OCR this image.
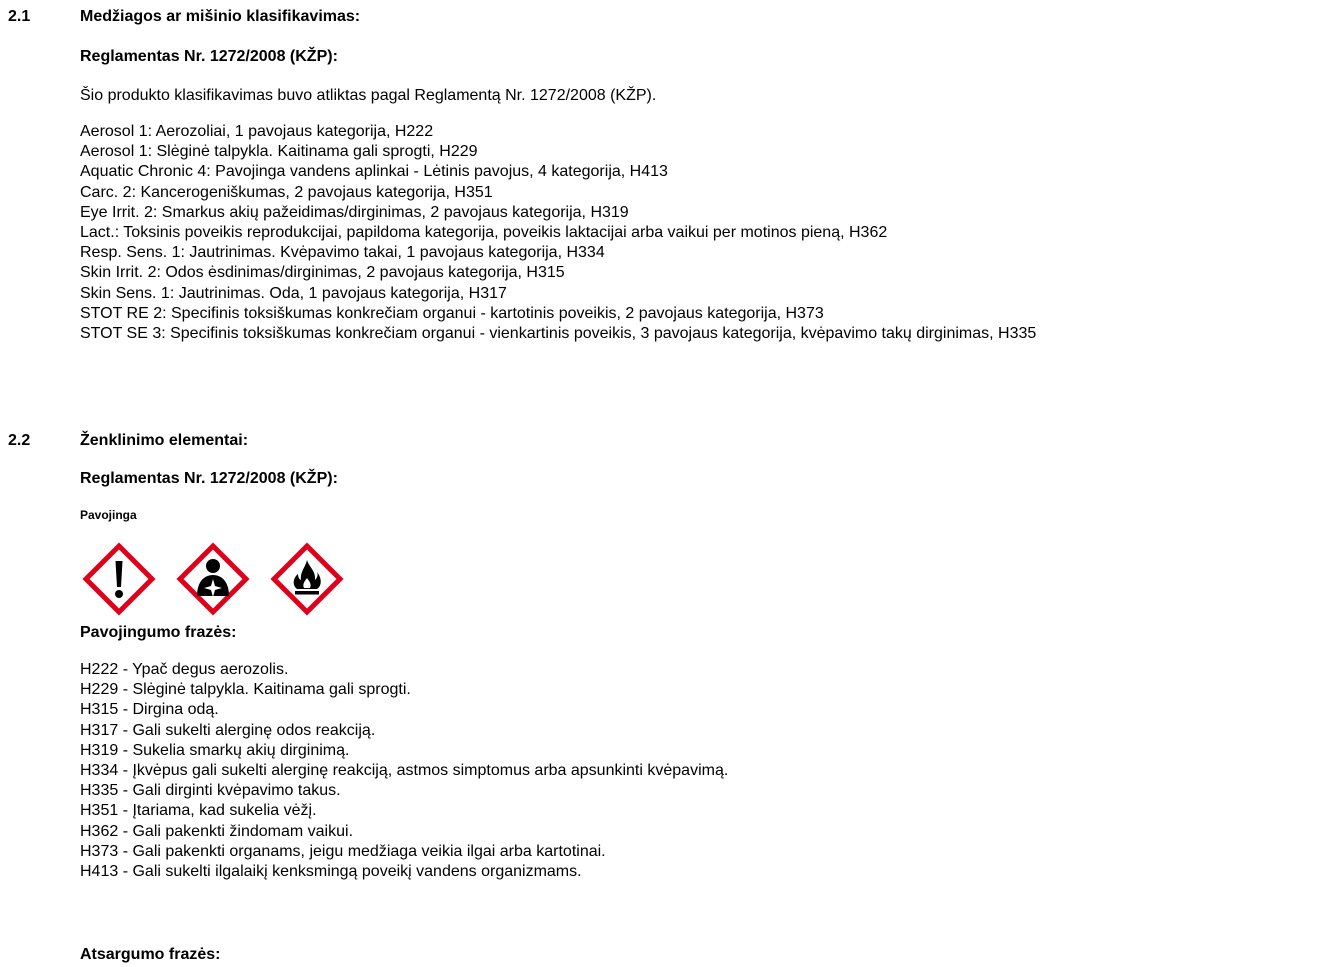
2.1	Medžiagos ar mišinio klasifikavimas:
Reglamentas Nr. 1272/2008 (KŽP):
Šio produkto klasifikavimas buvo atliktas pagal Reglamentą Nr. 1272/2008 (KŽP).
Aerosol 1: Aerozoliai, 1 pavojaus kategorija, H222
Aerosol 1: Slėginė talpykla. Kaitinama gali sprogti, H229
Aquatic Chronic 4: Pavojinga vandens aplinkai - Lėtinis pavojus, 4 kategorija, H413
Carc. 2: Kancerogeniškumas, 2 pavojaus kategorija, H351
Eye Irrit. 2: Smarkus akių pažeidimas/dirginimas, 2 pavojaus kategorija, H319
Lact.: Toksinis poveikis reprodukcijai, papildoma kategorija, poveikis laktacijai arba vaikui per motinos pieną, H362
Resp. Sens. 1: Jautrinimas. Kvėpavimo takai, 1 pavojaus kategorija, H334
Skin Irrit. 2: Odos ėsdinimas/dirginimas, 2 pavojaus kategorija, H315
Skin Sens. 1: Jautrinimas. Oda, 1 pavojaus kategorija, H317
STOT RE 2: Specifinis toksiškumas konkrečiam organui - kartotinis poveikis, 2 pavojaus kategorija, H373
STOT SE 3: Specifinis toksiškumas konkrečiam organui - vienkartinis poveikis, 3 pavojaus kategorija, kvėpavimo takų dirginimas, H335
2.2	Ženklinimo elementai:
Reglamentas Nr. 1272/2008 (KŽP):
Pavojinga
Pavojingumo frazės:
H222 - Ypač degus aerozolis.
H229 - Slėginė talpykla. Kaitinama gali sprogti.
H315 - Dirgina odą.
H317 - Gali sukelti alerginę odos reakciją.
H319 - Sukelia smarkų akių dirginimą.
H334 - Įkvėpus gali sukelti alerginę reakciją, astmos simptomus arba apsunkinti kvėpavimą.
H335 - Gali dirginti kvėpavimo takus.
H351 - Įtariama, kad sukelia vėžį.
H362 - Gali pakenkti žindomam vaikui.
H373 - Gali pakenkti organams, jeigu medžiaga veikia ilgai arba kartotinai.
H413 - Gali sukelti ilgalaikį kenksmingą poveikį vandens organizmams.
Atsargumo frazės:
